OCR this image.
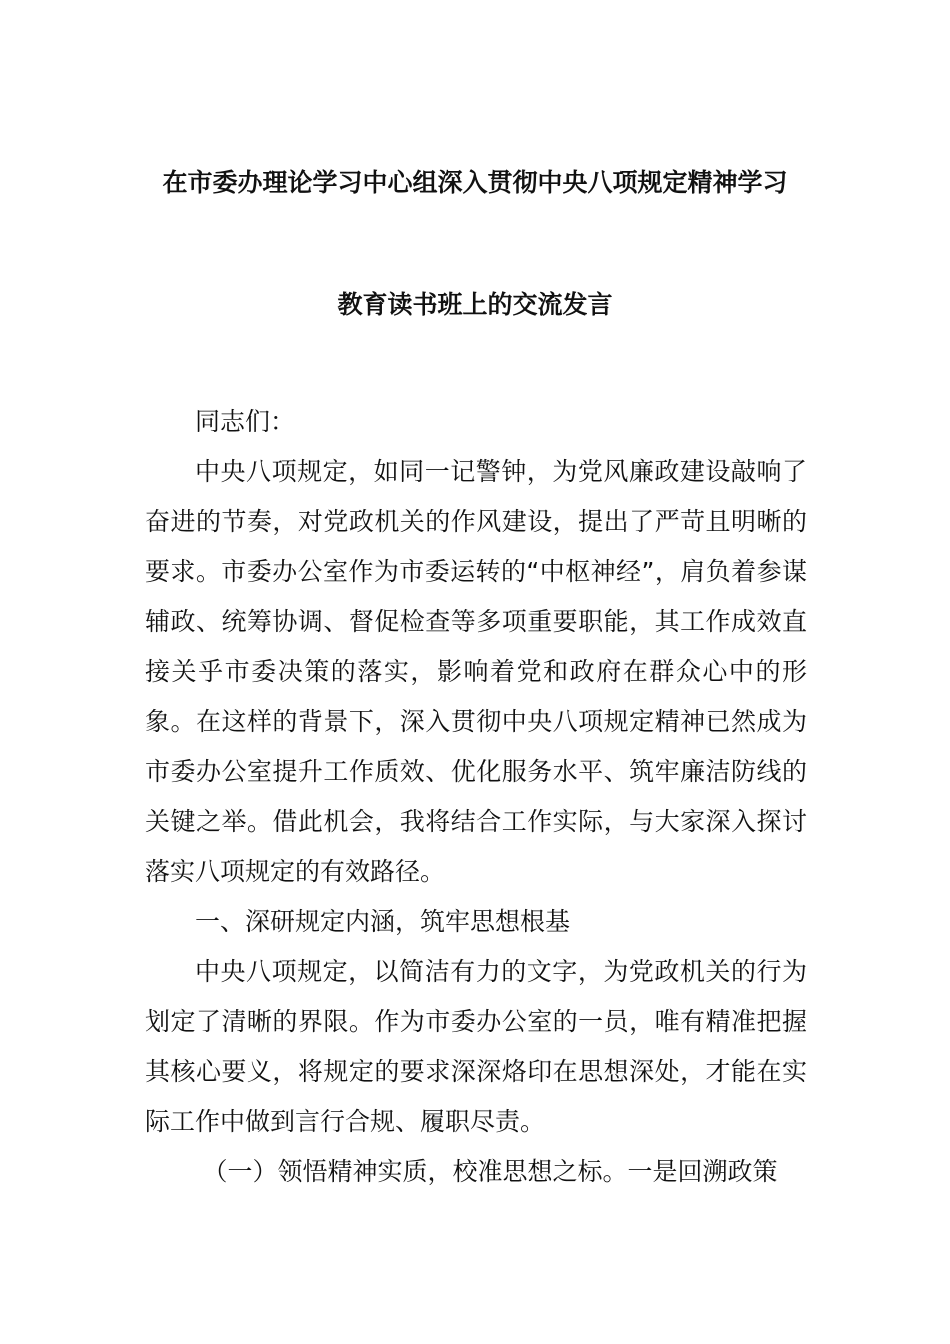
在市委办理论学习中心组深入贯彻中央八项规定精神学习
教育读书班上的交流发言

同志们：

中央八项规定，如同一记警钟，为党风廉政建设敲响了奋进的节奏，对党政机关的作风建设，提出了严苛且明晰的要求。市委办公室作为市委运转的“中枢神经”，肩负着参谋辅政、统筹协调、督促检查等多项重要职能，其工作成效直接关乎市委决策的落实，影响着党和政府在群众心中的形象。在这样的背景下，深入贯彻中央八项规定精神已然成为市委办公室提升工作质效、优化服务水平、筑牢廉洁防线的关键之举。借此机会，我将结合工作实际，与大家深入探讨落实八项规定的有效路径。

一、深研规定内涵，筑牢思想根基

中央八项规定，以简洁有力的文字，为党政机关的行为划定了清晰的界限。作为市委办公室的一员，唯有精准把握其核心要义，将规定的要求深深烙印在思想深处，才能在实际工作中做到言行合规、履职尽责。

（一）领悟精神实质，校准思想之标。一是回溯政策
